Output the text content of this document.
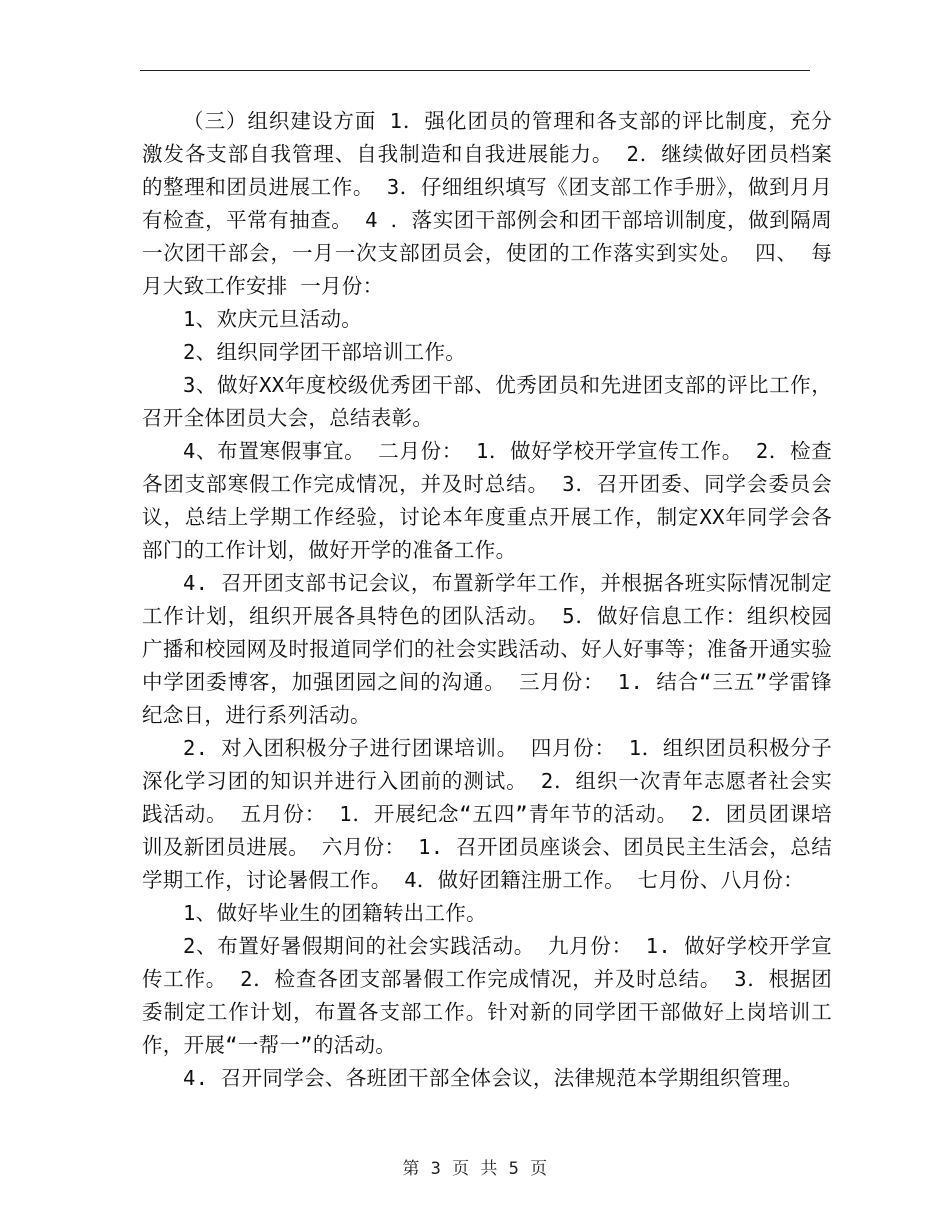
（三）组织建设方面 1．强化团员的管理和各支部的评比制度，充分激发各支部自我管理、自我制造和自我进展能力。 2．继续做好团员档案的整理和团员进展工作。 3．仔细组织填写《团支部工作手册》，做到月月有检查，平常有抽查。 4 ．落实团干部例会和团干部培训制度，做到隔周一次团干部会，一月一次支部团员会，使团的工作落实到实处。 四、 每月大致工作安排 一月份：

1、欢庆元旦活动。

2、组织同学团干部培训工作。

3、做好XX年度校级优秀团干部、优秀团员和先进团支部的评比工作，召开全体团员大会，总结表彰。

4、布置寒假事宜。 二月份： 1．做好学校开学宣传工作。 2．检查各团支部寒假工作完成情况，并及时总结。 3．召开团委、同学会委员会议，总结上学期工作经验，讨论本年度重点开展工作，制定XX年同学会各部门的工作计划，做好开学的准备工作。

4. 召开团支部书记会议，布置新学年工作，并根据各班实际情况制定工作计划，组织开展各具特色的团队活动。 5．做好信息工作：组织校园广播和校园网及时报道同学们的社会实践活动、好人好事等；准备开通实验中学团委博客，加强团园之间的沟通。 三月份： 1. 结合“三五”学雷锋纪念日，进行系列活动。

2. 对入团积极分子进行团课培训。 四月份： 1．组织团员积极分子深化学习团的知识并进行入团前的测试。 2．组织一次青年志愿者社会实践活动。 五月份： 1．开展纪念“五四”青年节的活动。 2．团员团课培训及新团员进展。 六月份： 1. 召开团员座谈会、团员民主生活会，总结学期工作，讨论暑假工作。 4．做好团籍注册工作。 七月份、八月份：

1、做好毕业生的团籍转出工作。

2、布置好暑假期间的社会实践活动。 九月份： 1. 做好学校开学宣传工作。 2．检查各团支部暑假工作完成情况，并及时总结。 3．根据团委制定工作计划，布置各支部工作。针对新的同学团干部做好上岗培训工作，开展“一帮一”的活动。

4. 召开同学会、各班团干部全体会议，法律规范本学期组织管理。

第 3 页 共 5 页
